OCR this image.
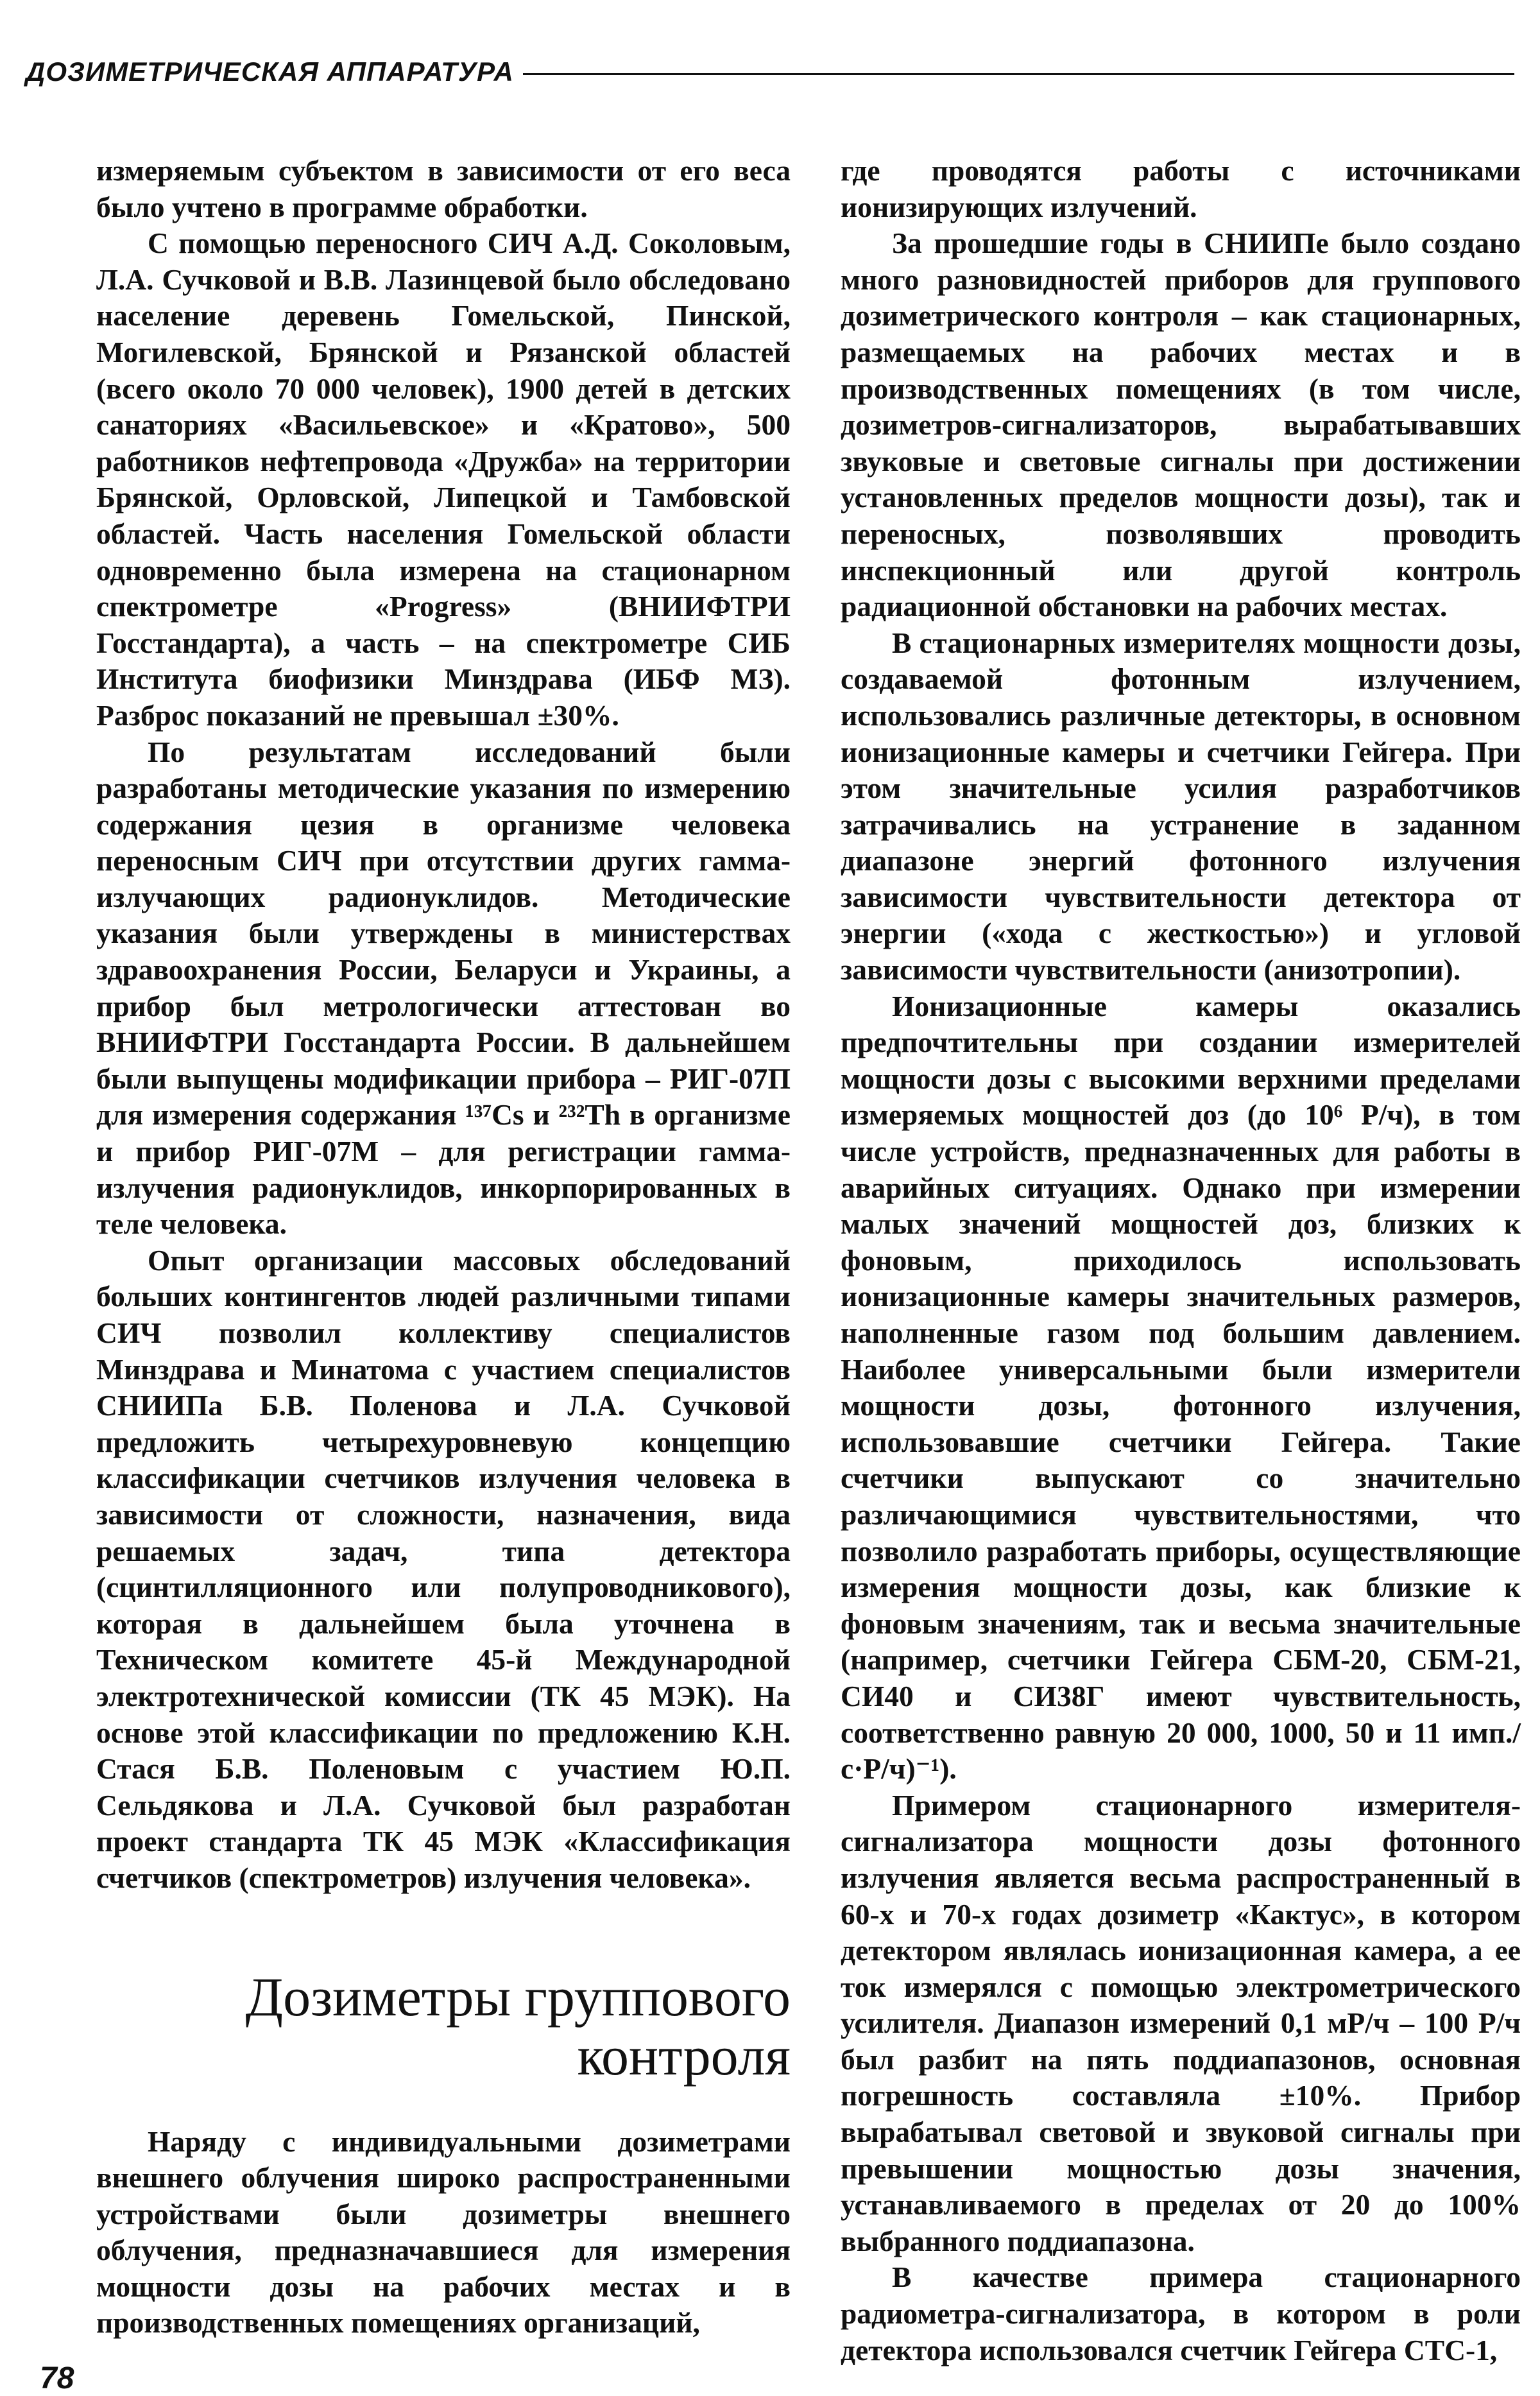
ДОЗИМЕТРИЧЕСКАЯ АППАРАТУРА

измеряемым субъектом в зависимости от его веса было учтено в программе обработки.

С помощью переносного СИЧ А.Д. Соколовым, Л.А. Сучковой и В.В. Лазинцевой было обследовано население деревень Гомельской, Пинской, Могилевской, Брянской и Рязанской областей (всего около 70 000 человек), 1900 детей в детских санаториях «Васильевское» и «Кратово», 500 работников нефтепровода «Дружба» на территории Брянской, Орловской, Липецкой и Тамбовской областей. Часть населения Гомельской области одновременно была измерена на стационарном спектрометре «Progress» (ВНИИФТРИ Госстандарта), а часть – на спектрометре СИБ Института биофизики Минздрава (ИБФ МЗ). Разброс показаний не превышал ±30%.

По результатам исследований были разработаны методические указания по измерению содержания цезия в организме человека переносным СИЧ при отсутствии других гамма-излучающих радионуклидов. Методические указания были утверждены в министерствах здравоохранения России, Беларуси и Украины, а прибор был метрологически аттестован во ВНИИФТРИ Госстандарта России. В дальнейшем были выпущены модификации прибора – РИГ-07П для измерения содержания ¹³⁷Cs и ²³²Th в организме и прибор РИГ-07М – для регистрации гамма-излучения радионуклидов, инкорпорированных в теле человека.

Опыт организации массовых обследований больших контингентов людей различными типами СИЧ позволил коллективу специалистов Минздрава и Минатома с участием специалистов СНИИПа Б.В. Поленова и Л.А. Сучковой предложить четырехуровневую концепцию классификации счетчиков излучения человека в зависимости от сложности, назначения, вида решаемых задач, типа детектора (сцинтилляционного или полупроводникового), которая в дальнейшем была уточнена в Техническом комитете 45-й Международной электротехнической комиссии (ТК 45 МЭК). На основе этой классификации по предложению К.Н. Стася Б.В. Поленовым с участием Ю.П. Сельдякова и Л.А. Сучковой был разработан проект стандарта ТК 45 МЭК «Классификация счетчиков (спектрометров) излучения человека».

Дозиметры группового контроля

Наряду с индивидуальными дозиметрами внешнего облучения широко распространенными устройствами были дозиметры внешнего облучения, предназначавшиеся для измерения мощности дозы на рабочих местах и в производственных помещениях организаций,

где проводятся работы с источниками ионизирующих излучений.

За прошедшие годы в СНИИПе было создано много разновидностей приборов для группового дозиметрического контроля – как стационарных, размещаемых на рабочих местах и в производственных помещениях (в том числе, дозиметров-сигнализаторов, вырабатывавших звуковые и световые сигналы при достижении установленных пределов мощности дозы), так и переносных, позволявших проводить инспекционный или другой контроль радиационной обстановки на рабочих местах.

В стационарных измерителях мощности дозы, создаваемой фотонным излучением, использовались различные детекторы, в основном ионизационные камеры и счетчики Гейгера. При этом значительные усилия разработчиков затрачивались на устранение в заданном диапазоне энергий фотонного излучения зависимости чувствительности детектора от энергии («хода с жесткостью») и угловой зависимости чувствительности (анизотропии).

Ионизационные камеры оказались предпочтительны при создании измерителей мощности дозы с высокими верхними пределами измеряемых мощностей доз (до 10⁶ Р/ч), в том числе устройств, предназначенных для работы в аварийных ситуациях. Однако при измерении малых значений мощностей доз, близких к фоновым, приходилось использовать ионизационные камеры значительных размеров, наполненные газом под большим давлением. Наиболее универсальными были измерители мощности дозы, фотонного излучения, использовавшие счетчики Гейгера. Такие счетчики выпускают со значительно различающимися чувствительностями, что позволило разработать приборы, осуществляющие измерения мощности дозы, как близкие к фоновым значениям, так и весьма значительные (например, счетчики Гейгера СБМ-20, СБМ-21, СИ40 и СИ38Г имеют чувствительность, соответственно равную 20 000, 1000, 50 и 11 имп./с·Р/ч)⁻¹).

Примером стационарного измерителя-сигнализатора мощности дозы фотонного излучения является весьма распространенный в 60-х и 70-х годах дозиметр «Кактус», в котором детектором являлась ионизационная камера, а ее ток измерялся с помощью электрометрического усилителя. Диапазон измерений 0,1 мР/ч – 100 Р/ч был разбит на пять поддиапазонов, основная погрешность составляла ±10%. Прибор вырабатывал световой и звуковой сигналы при превышении мощностью дозы значения, устанавливаемого в пределах от 20 до 100% выбранного поддиапазона.

В качестве примера стационарного радиометра-сигнализатора, в котором в роли детектора использовался счетчик Гейгера СТС-1,

78
